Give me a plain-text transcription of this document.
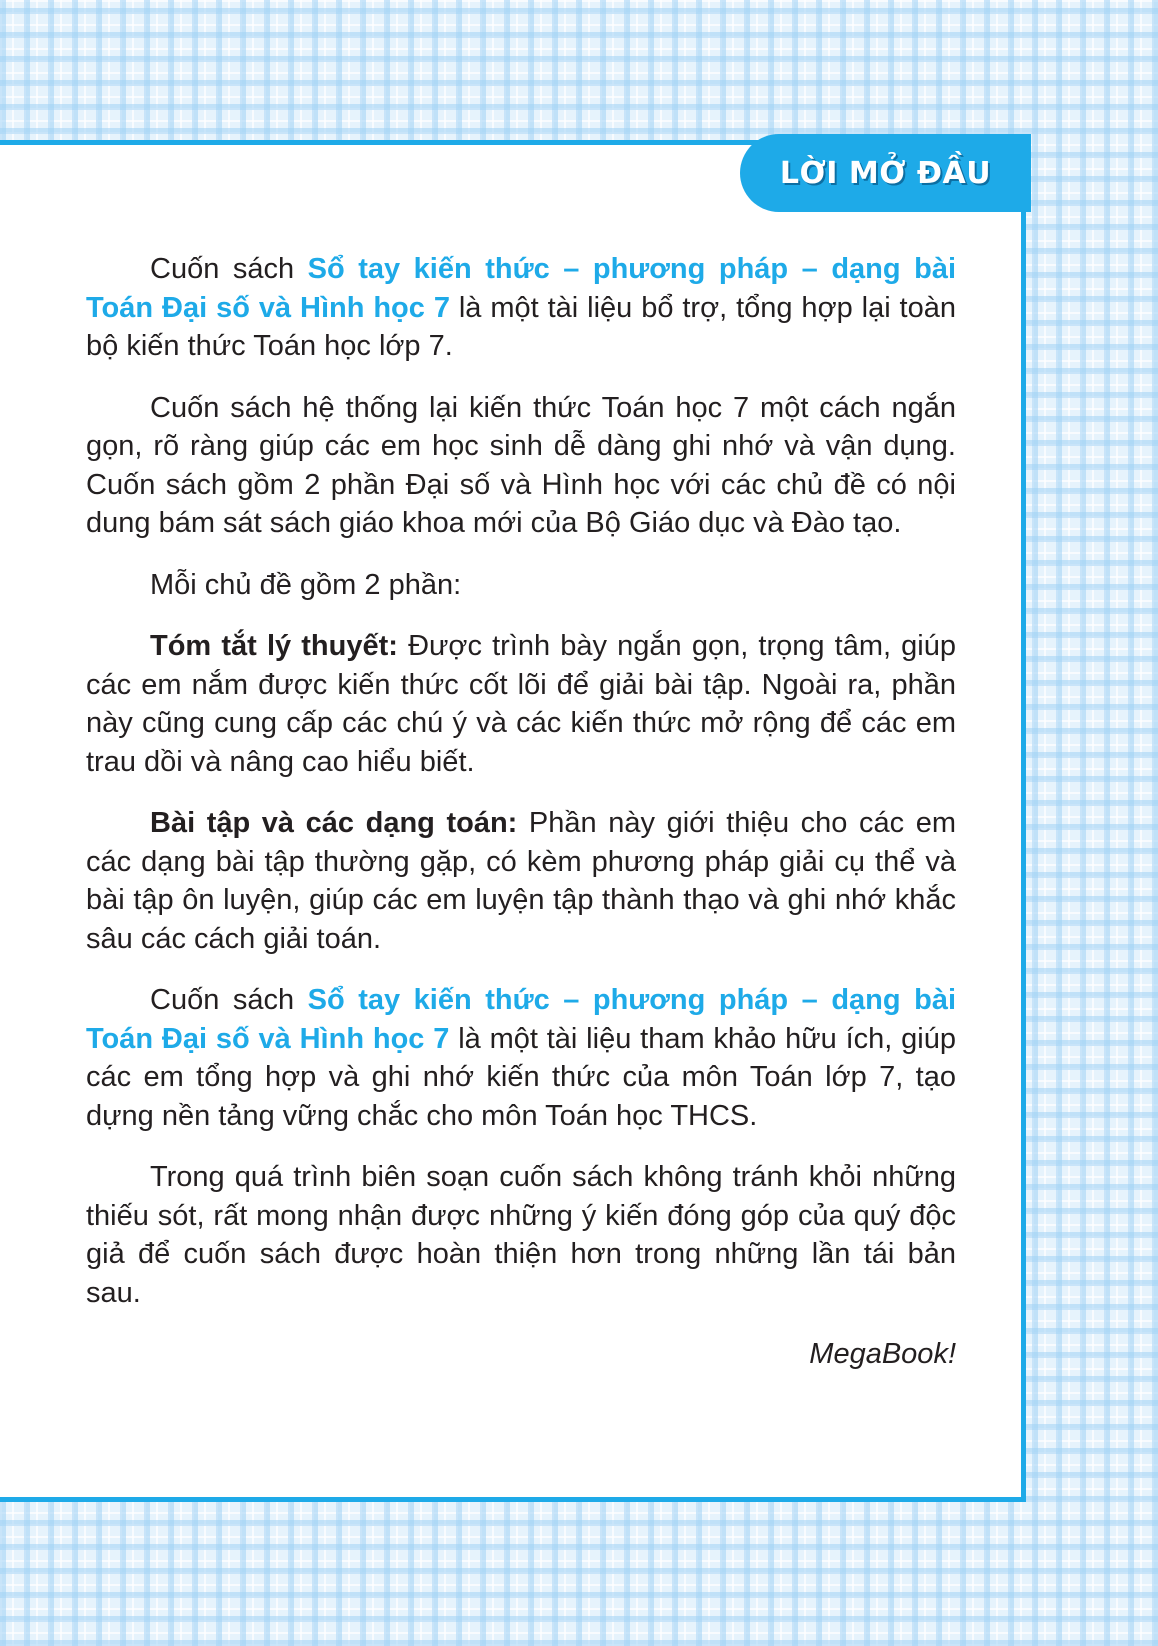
LỜI MỞ ĐẦU

Cuốn sách Sổ tay kiến thức – phương pháp – dạng bài Toán Đại số và Hình học 7 là một tài liệu bổ trợ, tổng hợp lại toàn bộ kiến thức Toán học lớp 7.

Cuốn sách hệ thống lại kiến thức Toán học 7 một cách ngắn gọn, rõ ràng giúp các em học sinh dễ dàng ghi nhớ và vận dụng. Cuốn sách gồm 2 phần Đại số và Hình học với các chủ đề có nội dung bám sát sách giáo khoa mới của Bộ Giáo dục và Đào tạo.

Mỗi chủ đề gồm 2 phần:

Tóm tắt lý thuyết: Được trình bày ngắn gọn, trọng tâm, giúp các em nắm được kiến thức cốt lõi để giải bài tập. Ngoài ra, phần này cũng cung cấp các chú ý và các kiến thức mở rộng để các em trau dồi và nâng cao hiểu biết.

Bài tập và các dạng toán: Phần này giới thiệu cho các em các dạng bài tập thường gặp, có kèm phương pháp giải cụ thể và bài tập ôn luyện, giúp các em luyện tập thành thạo và ghi nhớ khắc sâu các cách giải toán.

Cuốn sách Sổ tay kiến thức – phương pháp – dạng bài Toán Đại số và Hình học 7 là một tài liệu tham khảo hữu ích, giúp các em tổng hợp và ghi nhớ kiến thức của môn Toán lớp 7, tạo dựng nền tảng vững chắc cho môn Toán học THCS.

Trong quá trình biên soạn cuốn sách không tránh khỏi những thiếu sót, rất mong nhận được những ý kiến đóng góp của quý độc giả để cuốn sách được hoàn thiện hơn trong những lần tái bản sau.

MegaBook!
